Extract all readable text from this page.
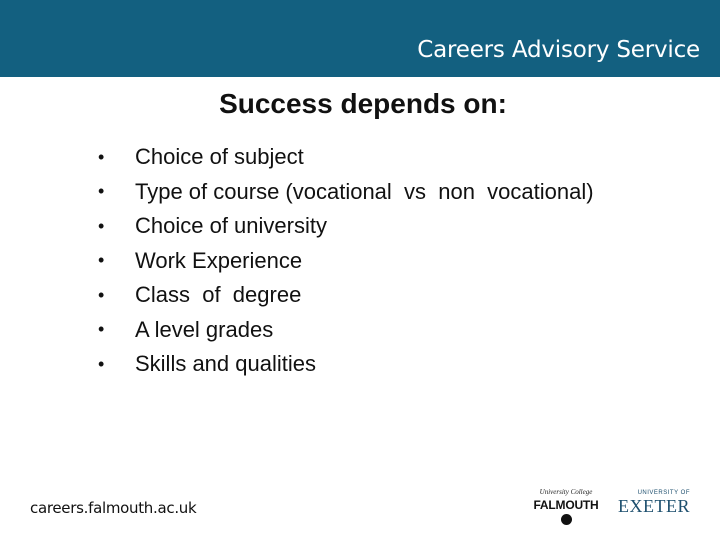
Careers Advisory Service
Success depends on:
•	Choice of subject
•	Type of course (vocational  vs  non  vocational)
•	Choice of university
•	Work Experience
•	Class  of  degree
•	A level grades
•	Skills and qualities
careers.falmouth.ac.uk
University College
FALMOUTH
UNIVERSITY OF
EXETER
